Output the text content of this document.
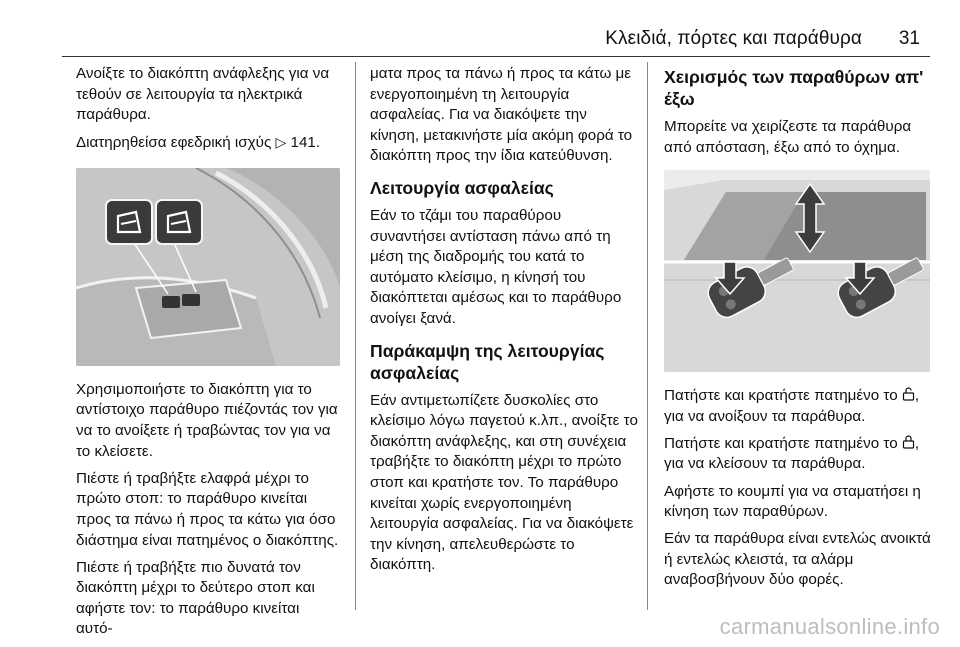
Κλειδιά, πόρτες και παράθυρα 31

Ανοίξτε το διακόπτη ανάφλεξης για να τεθούν σε λειτουργία τα ηλεκτρικά παράθυρα.

Διατηρηθείσα εφεδρική ισχύς ▷ 141.

Χρησιμοποιήστε το διακόπτη για το αντίστοιχο παράθυρο πιέζοντάς τον για να το ανοίξετε ή τραβώντας τον για να το κλείσετε.

Πιέστε ή τραβήξτε ελαφρά μέχρι το πρώτο στοπ: το παράθυρο κινείται προς τα πάνω ή προς τα κάτω για όσο διάστημα είναι πατημένος ο διακόπτης.

Πιέστε ή τραβήξτε πιο δυνατά τον διακόπτη μέχρι το δεύτερο στοπ και αφήστε τον: το παράθυρο κινείται αυτό-

ματα προς τα πάνω ή προς τα κάτω με ενεργοποιημένη τη λειτουργία ασφαλείας. Για να διακόψετε την κίνηση, μετακινήστε μία ακόμη φορά το διακόπτη προς την ίδια κατεύθυνση.

Λειτουργία ασφαλείας

Εάν το τζάμι του παραθύρου συναντήσει αντίσταση πάνω από τη μέση της διαδρομής του κατά το αυτόματο κλείσιμο, η κίνησή του διακόπτεται αμέσως και το παράθυρο ανοίγει ξανά.

Παράκαμψη της λειτουργίας ασφαλείας

Εάν αντιμετωπίζετε δυσκολίες στο κλείσιμο λόγω παγετού κ.λπ., ανοίξτε το διακόπτη ανάφλεξης, και στη συνέχεια τραβήξτε το διακόπτη μέχρι το πρώτο στοπ και κρατήστε τον. Το παράθυρο κινείται χωρίς ενεργοποιημένη λειτουργία ασφαλείας. Για να διακόψετε την κίνηση, απελευθερώστε το διακόπτη.

Χειρισμός των παραθύρων απ' έξω

Μπορείτε να χειρίζεστε τα παράθυρα από απόσταση, έξω από το όχημα.

Πατήστε και κρατήστε πατημένο το , για να ανοίξουν τα παράθυρα.

Πατήστε και κρατήστε πατημένο το , για να κλείσουν τα παράθυρα.

Αφήστε το κουμπί για να σταματήσει η κίνηση των παραθύρων.

Εάν τα παράθυρα είναι εντελώς ανοικτά ή εντελώς κλειστά, τα αλάρμ αναβοσβήνουν δύο φορές.

carmanualsonline.info
